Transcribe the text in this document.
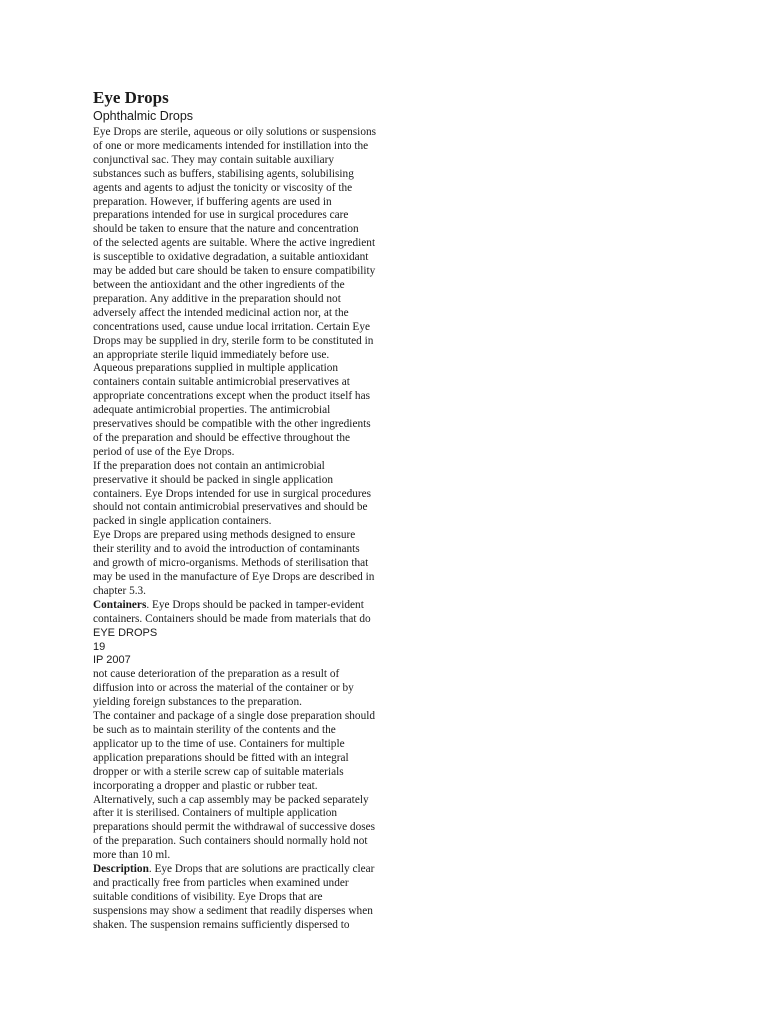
Eye Drops
Ophthalmic Drops
Eye Drops are sterile, aqueous or oily solutions or suspensions
of one or more medicaments intended for instillation into the
conjunctival sac. They may contain suitable auxiliary
substances such as buffers, stabilising agents, solubilising
agents and agents to adjust the tonicity or viscosity of the
preparation. However, if buffering agents are used in
preparations intended for use in surgical procedures care
should be taken to ensure that the nature and concentration
of the selected agents are suitable. Where the active ingredient
is susceptible to oxidative degradation, a suitable antioxidant
may be added but care should be taken to ensure compatibility
between the antioxidant and the other ingredients of the
preparation. Any additive in the preparation should not
adversely affect the intended medicinal action nor, at the
concentrations used, cause undue local irritation. Certain Eye
Drops may be supplied in dry, sterile form to be constituted in
an appropriate sterile liquid immediately before use.
Aqueous preparations supplied in multiple application
containers contain suitable antimicrobial preservatives at
appropriate concentrations except when the product itself has
adequate antimicrobial properties. The antimicrobial
preservatives should be compatible with the other ingredients
of the preparation and should be effective throughout the
period of use of the Eye Drops.
If the preparation does not contain an antimicrobial
preservative it should be packed in single application
containers. Eye Drops intended for use in surgical procedures
should not contain antimicrobial preservatives and should be
packed in single application containers.
Eye Drops are prepared using methods designed to ensure
their sterility and to avoid the introduction of contaminants
and growth of micro-organisms. Methods of sterilisation that
may be used in the manufacture of Eye Drops are described in
chapter 5.3.
Containers. Eye Drops should be packed in tamper-evident
containers. Containers should be made from materials that do
EYE DROPS
19
IP 2007
not cause deterioration of the preparation as a result of
diffusion into or across the material of the container or by
yielding foreign substances to the preparation.
The container and package of a single dose preparation should
be such as to maintain sterility of the contents and the
applicator up to the time of use. Containers for multiple
application preparations should be fitted with an integral
dropper or with a sterile screw cap of suitable materials
incorporating a dropper and plastic or rubber teat.
Alternatively, such a cap assembly may be packed separately
after it is sterilised. Containers of multiple application
preparations should permit the withdrawal of successive doses
of the preparation. Such containers should normally hold not
more than 10 ml.
Description. Eye Drops that are solutions are practically clear
and practically free from particles when examined under
suitable conditions of visibility. Eye Drops that are
suspensions may show a sediment that readily disperses when
shaken. The suspension remains sufficiently dispersed to
